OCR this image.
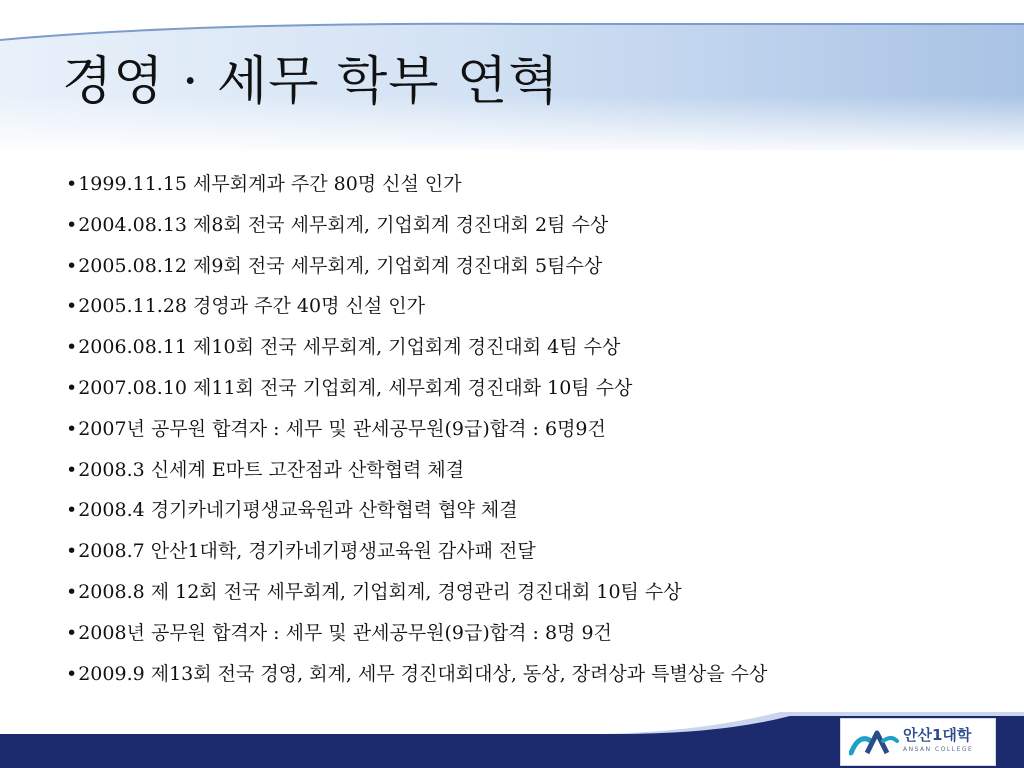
경영 · 세무 학부 연혁
• 1999.11.15 세무회계과 주간 80명 신설 인가
• 2004.08.13 제8회 전국 세무회계, 기업회계 경진대회 2팀 수상
• 2005.08.12 제9회 전국 세무회계, 기업회계 경진대회 5팀수상
• 2005.11.28 경영과 주간 40명 신설 인가
• 2006.08.11 제10회 전국 세무회계, 기업회계 경진대회 4팀 수상
• 2007.08.10 제11회 전국 기업회계, 세무회계 경진대화 10팀 수상
• 2007년 공무원 합격자 : 세무 및 관세공무원(9급)합격 : 6명9건
• 2008.3 신세계 E마트 고잔점과 산학협력 체결
• 2008.4 경기카네기평생교육원과 산학협력 협약 체결
• 2008.7 안산1대학, 경기카네기평생교육원 감사패 전달
• 2008.8 제 12회 전국 세무회계, 기업회계, 경영관리 경진대회 10팀 수상
• 2008년 공무원 합격자 : 세무 및 관세공무원(9급)합격 : 8명 9건
• 2009.9 제13회 전국 경영, 회계, 세무 경진대회대상, 동상, 장려상과 특별상을 수상
안산1대학
ANSAN COLLEGE
